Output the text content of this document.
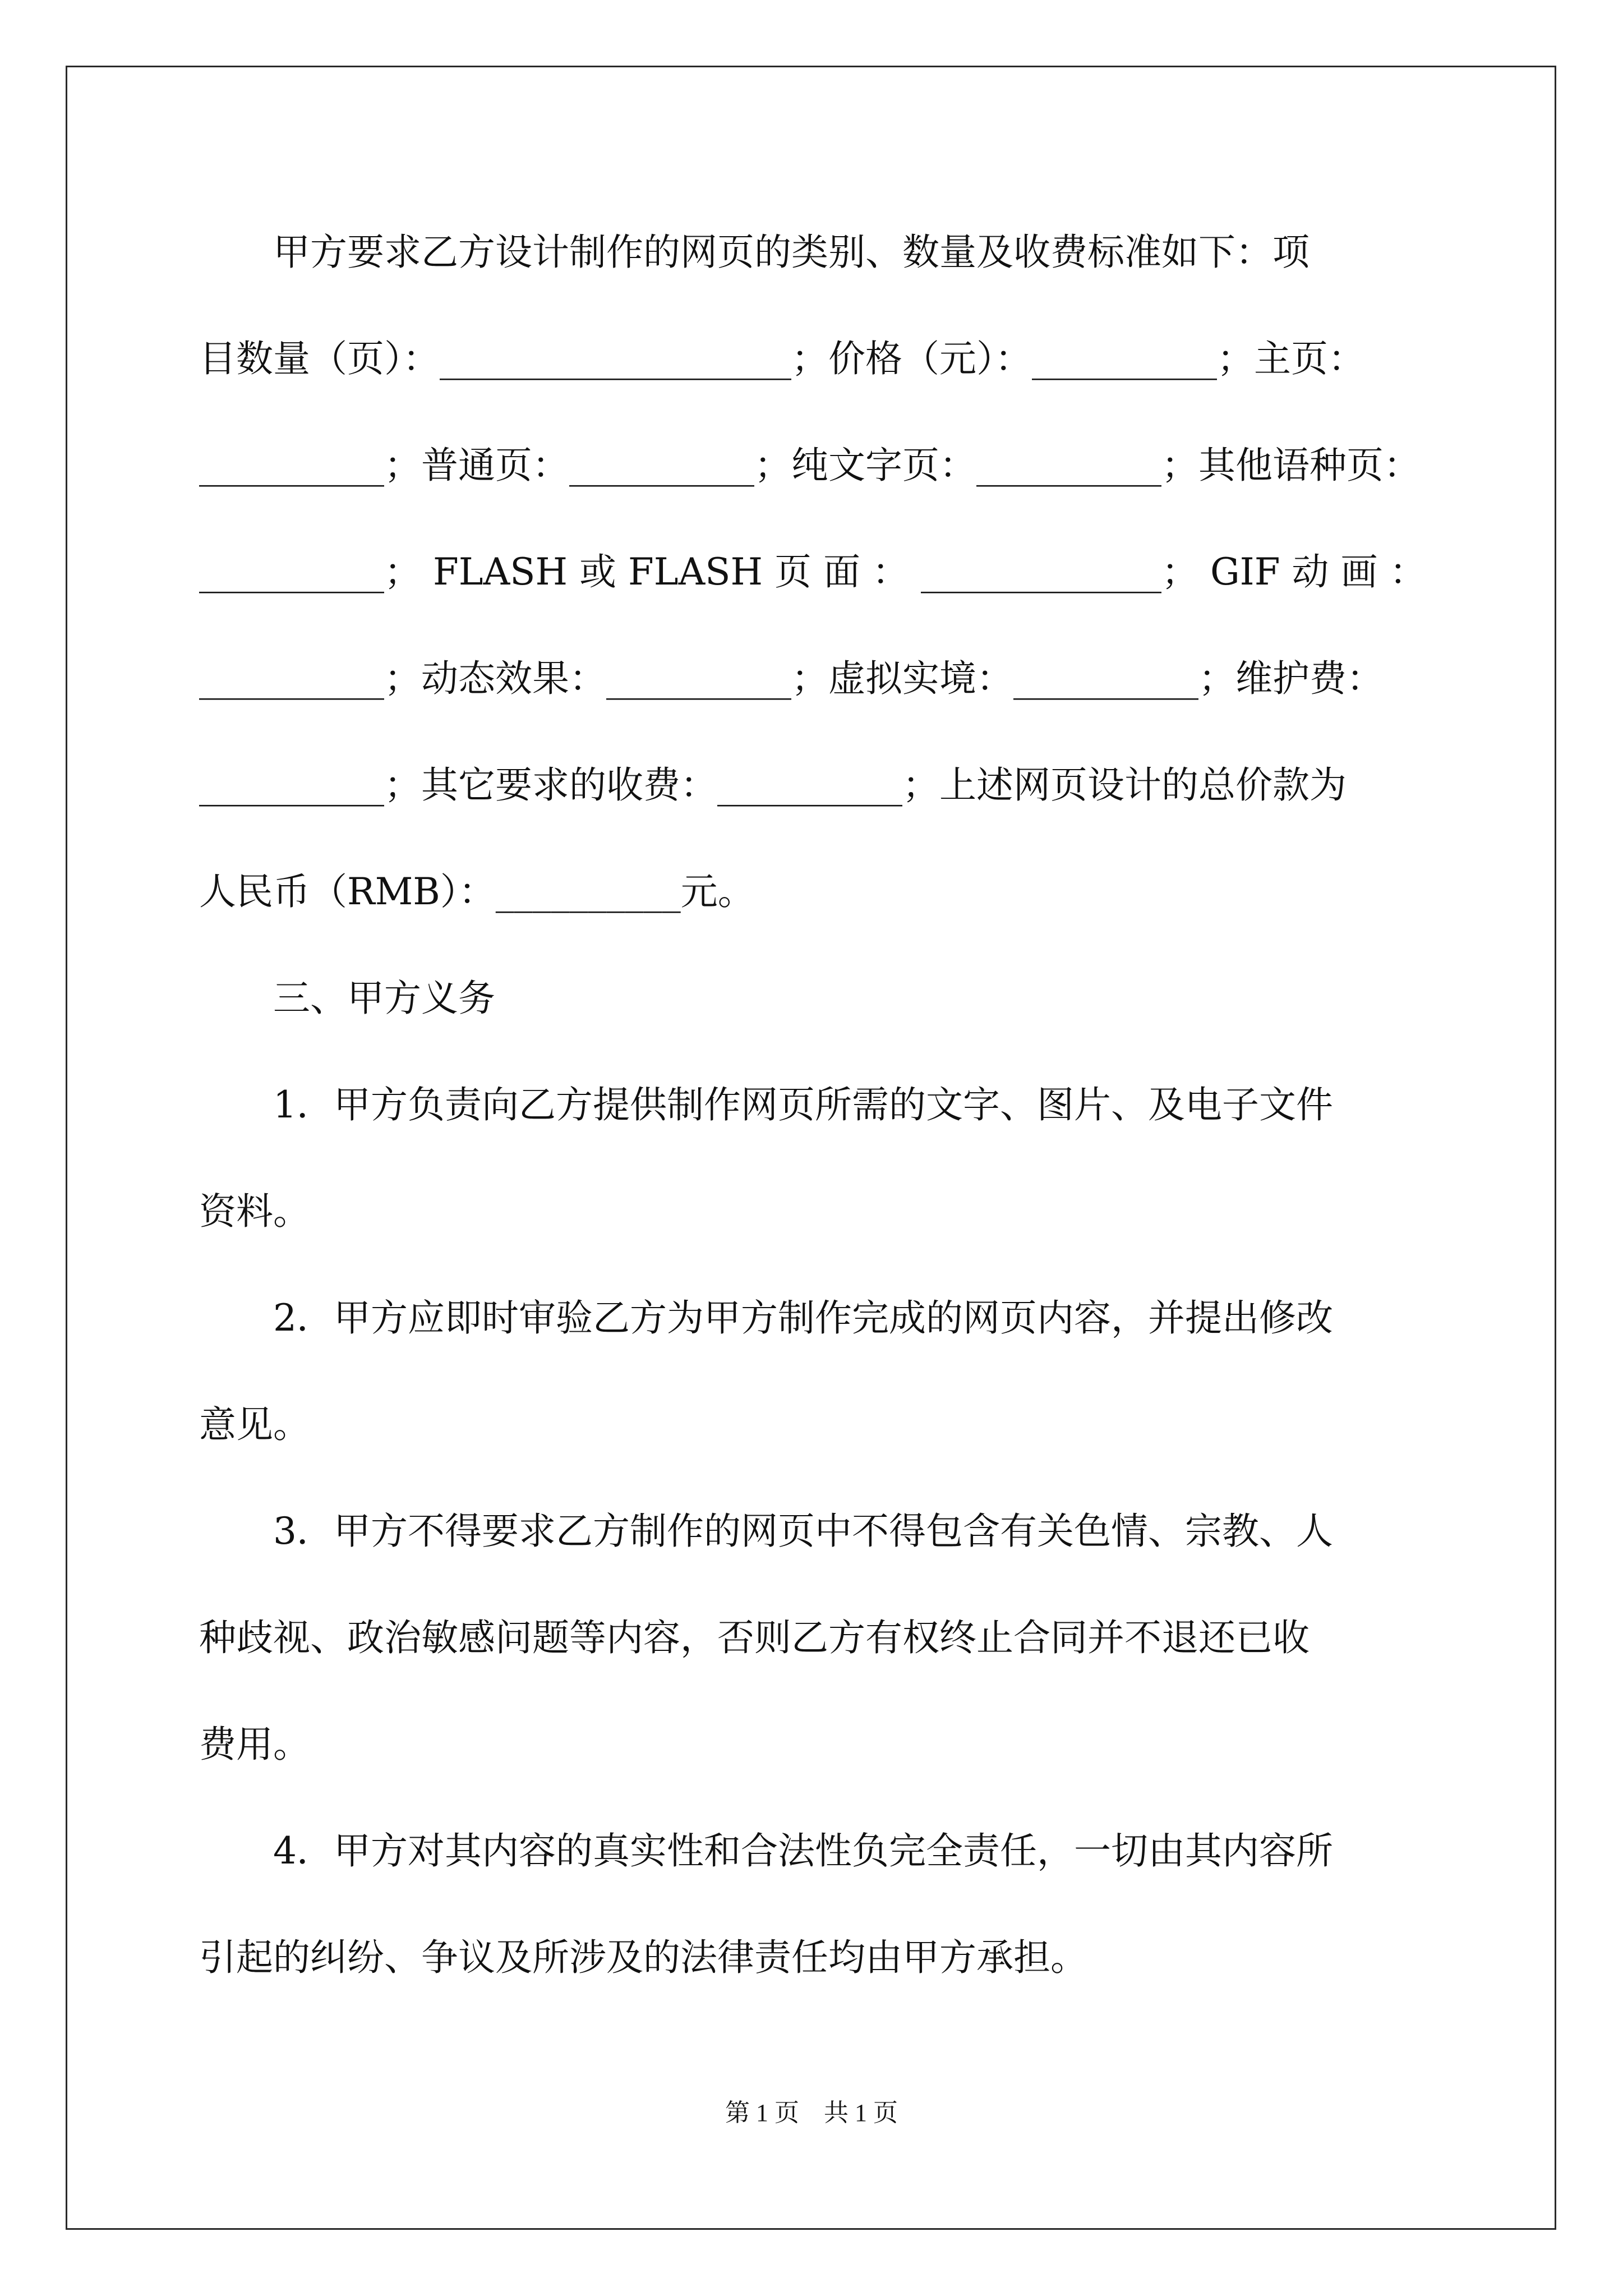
　　甲方要求乙方设计制作的网页的类别、数量及收费标准如下：项
目数量（页）：___________________；价格（元）：__________；主页：
__________；普通页：__________；纯文字页：__________；其他语种页：
__________； FLASH 或 FLASH 页 面 ： _____________； GIF 动 画 ：
__________；动态效果：__________；虚拟实境：__________；维护费：
__________；其它要求的收费：__________；上述网页设计的总价款为
人民币（RMB）：__________元。
　　三、甲方义务
　　1．甲方负责向乙方提供制作网页所需的文字、图片、及电子文件
资料。
　　2．甲方应即时审验乙方为甲方制作完成的网页内容，并提出修改
意见。
　　3．甲方不得要求乙方制作的网页中不得包含有关色情、宗教、人
种歧视、政治敏感问题等内容，否则乙方有权终止合同并不退还已收
费用。
　　4．甲方对其内容的真实性和合法性负完全责任，一切由其内容所
引起的纠纷、争议及所涉及的法律责任均由甲方承担。
第 1 页　共 1 页
